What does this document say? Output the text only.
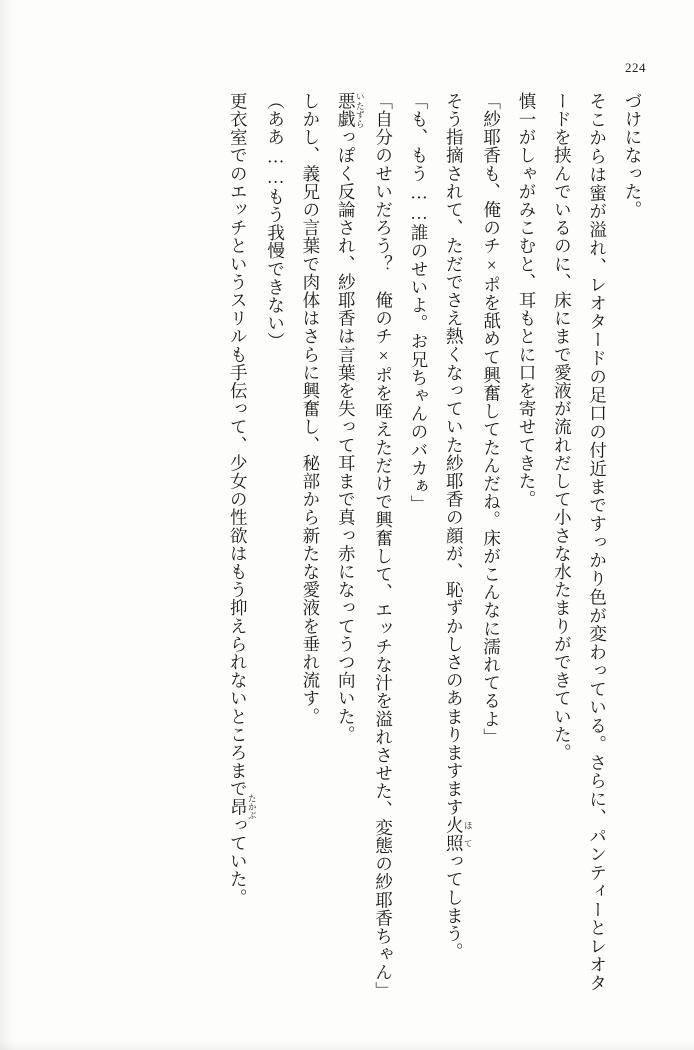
224

づけになった。

そこからは蜜が溢れ、レオタードの足口の付近まですっかり色が変わっている。さらに、パンティーとレオタードを挟んでいるのに、床にまで愛液が流れだして小さな水たまりができていた。

慎一がしゃがみこむと、耳もとに口を寄せてきた。

「紗耶香も、俺のチ×ポを舐めて興奮してたんだね。床がこんなに濡れてるよ」

そう指摘されて、ただでさえ熱くなっていた紗耶香の顔が、恥ずかしさのあまりますます火照 ほてってしまう。

「も、もう……誰のせいよ。お兄ちゃんのバカぁ」

「自分のせいだろう？　俺のチ×ポを咥えただけで興奮して、エッチな汁を溢れさせた、変態の紗耶香ちゃん」

悪戯 いたずらっぽく反論され、紗耶香は言葉を失って耳まで真っ赤になってうつ向いた。

しかし、義兄の言葉で肉体はさらに興奮し、秘部から新たな愛液を垂れ流す。

（ああ……もう我慢できない）

更衣室でのエッチというスリルも手伝って、少女の性欲はもう抑えられないところまで昂 たかぶっていた。
